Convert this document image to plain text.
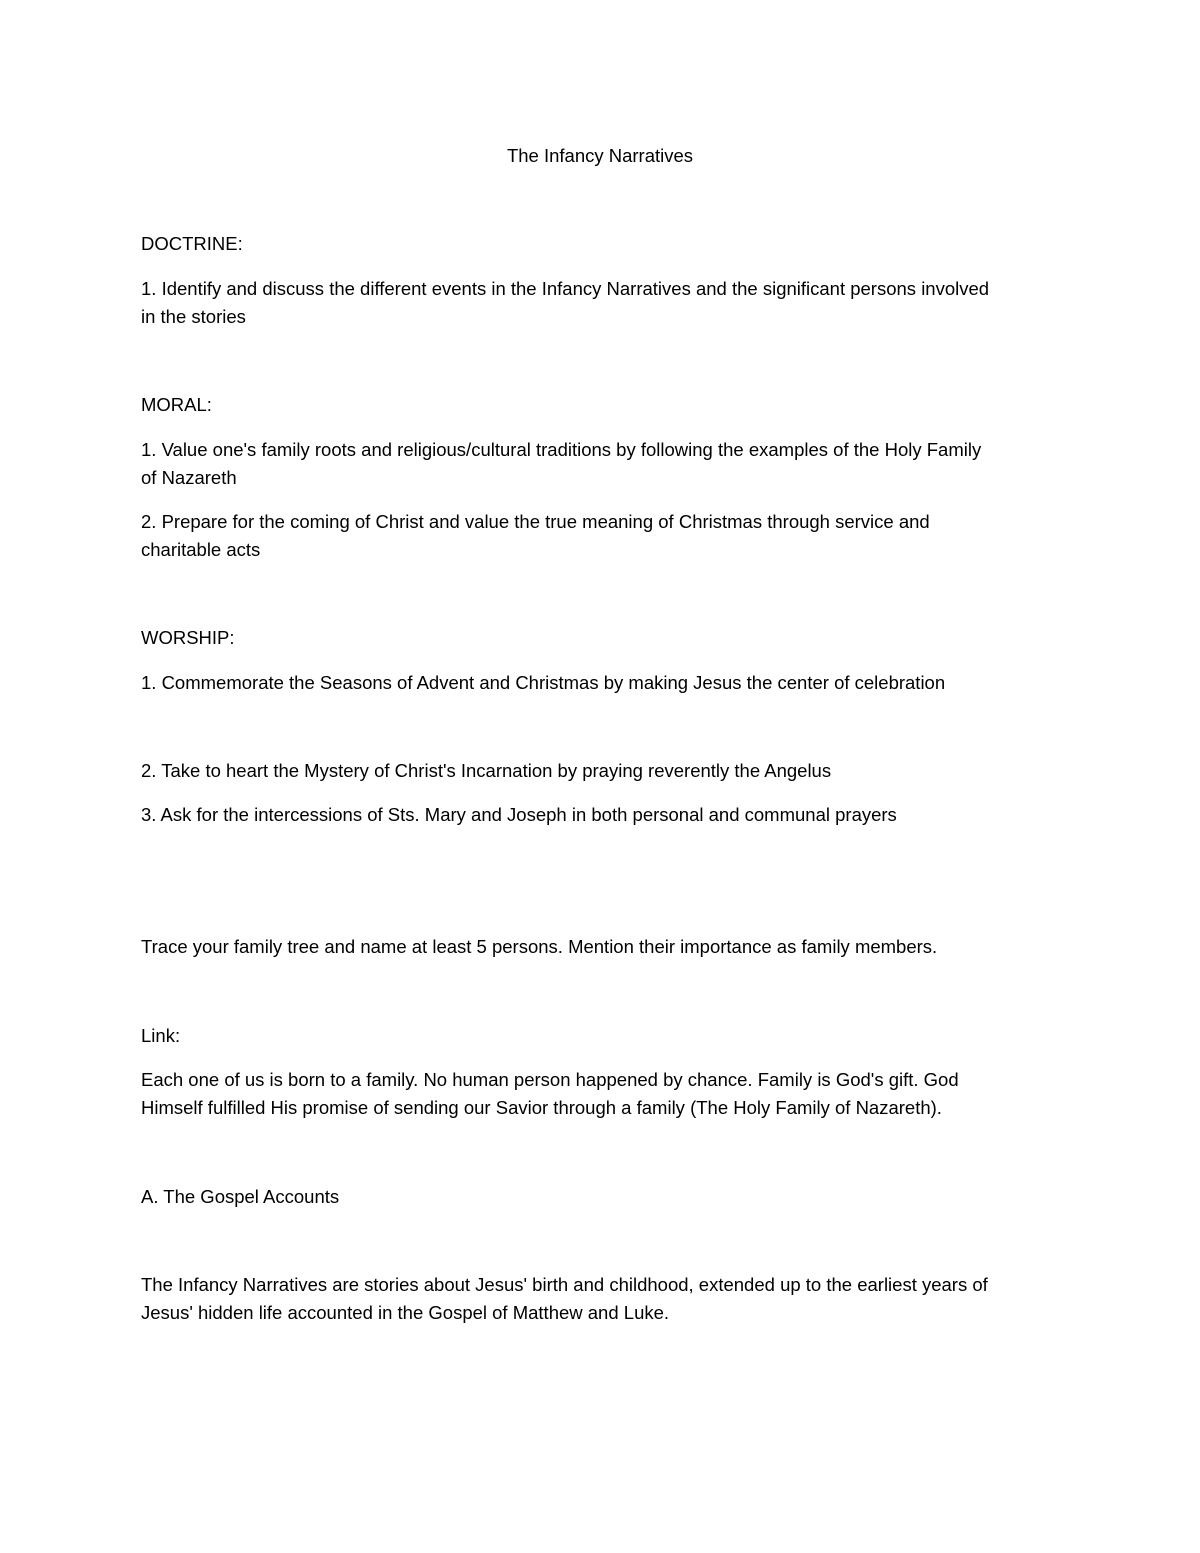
The Infancy Narratives
DOCTRINE:
1. Identify and discuss the different events in the Infancy Narratives and the significant persons involved
in the stories
MORAL:
1. Value one's family roots and religious/cultural traditions by following the examples of the Holy Family
of Nazareth
2. Prepare for the coming of Christ and value the true meaning of Christmas through service and
charitable acts
WORSHIP:
1. Commemorate the Seasons of Advent and Christmas by making Jesus the center of celebration
2. Take to heart the Mystery of Christ's Incarnation by praying reverently the Angelus
3. Ask for the intercessions of Sts. Mary and Joseph in both personal and communal prayers
Trace your family tree and name at least 5 persons. Mention their importance as family members.
Link:
Each one of us is born to a family. No human person happened by chance. Family is God's gift. God
Himself fulfilled His promise of sending our Savior through a family (The Holy Family of Nazareth).
A. The Gospel Accounts
The Infancy Narratives are stories about Jesus' birth and childhood, extended up to the earliest years of
Jesus' hidden life accounted in the Gospel of Matthew and Luke.
